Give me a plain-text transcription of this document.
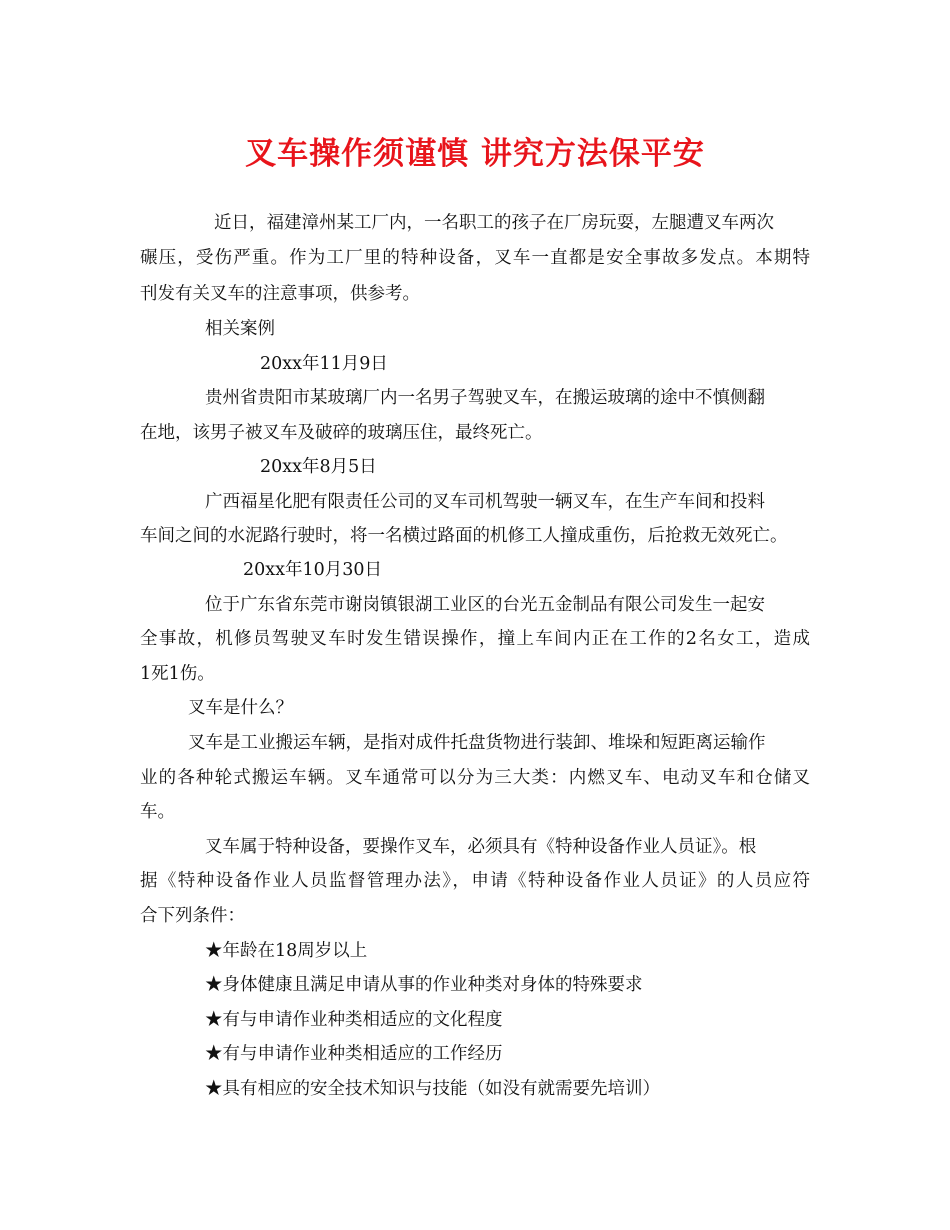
叉车操作须谨慎 讲究方法保平安
近日，福建漳州某工厂内，一名职工的孩子在厂房玩耍，左腿遭叉车两次
碾压，受伤严重。作为工厂里的特种设备，叉车一直都是安全事故多发点。本期特
刊发有关叉车的注意事项，供参考。
相关案例
20xx年11月9日
贵州省贵阳市某玻璃厂内一名男子驾驶叉车，在搬运玻璃的途中不慎侧翻
在地，该男子被叉车及破碎的玻璃压住，最终死亡。
20xx年8月5日
广西福星化肥有限责任公司的叉车司机驾驶一辆叉车，在生产车间和投料
车间之间的水泥路行驶时，将一名横过路面的机修工人撞成重伤，后抢救无效死亡。
20xx年10月30日
位于广东省东莞市谢岗镇银湖工业区的台光五金制品有限公司发生一起安
全事故，机修员驾驶叉车时发生错误操作，撞上车间内正在工作的2名女工，造成
1死1伤。
叉车是什么？
叉车是工业搬运车辆，是指对成件托盘货物进行装卸、堆垛和短距离运输作
业的各种轮式搬运车辆。叉车通常可以分为三大类：内燃叉车、电动叉车和仓储叉
车。
叉车属于特种设备，要操作叉车，必须具有《特种设备作业人员证》。根
据《特种设备作业人员监督管理办法》，申请《特种设备作业人员证》的人员应符
合下列条件：
★年龄在18周岁以上
★身体健康且满足申请从事的作业种类对身体的特殊要求
★有与申请作业种类相适应的文化程度
★有与申请作业种类相适应的工作经历
★具有相应的安全技术知识与技能（如没有就需要先培训）
